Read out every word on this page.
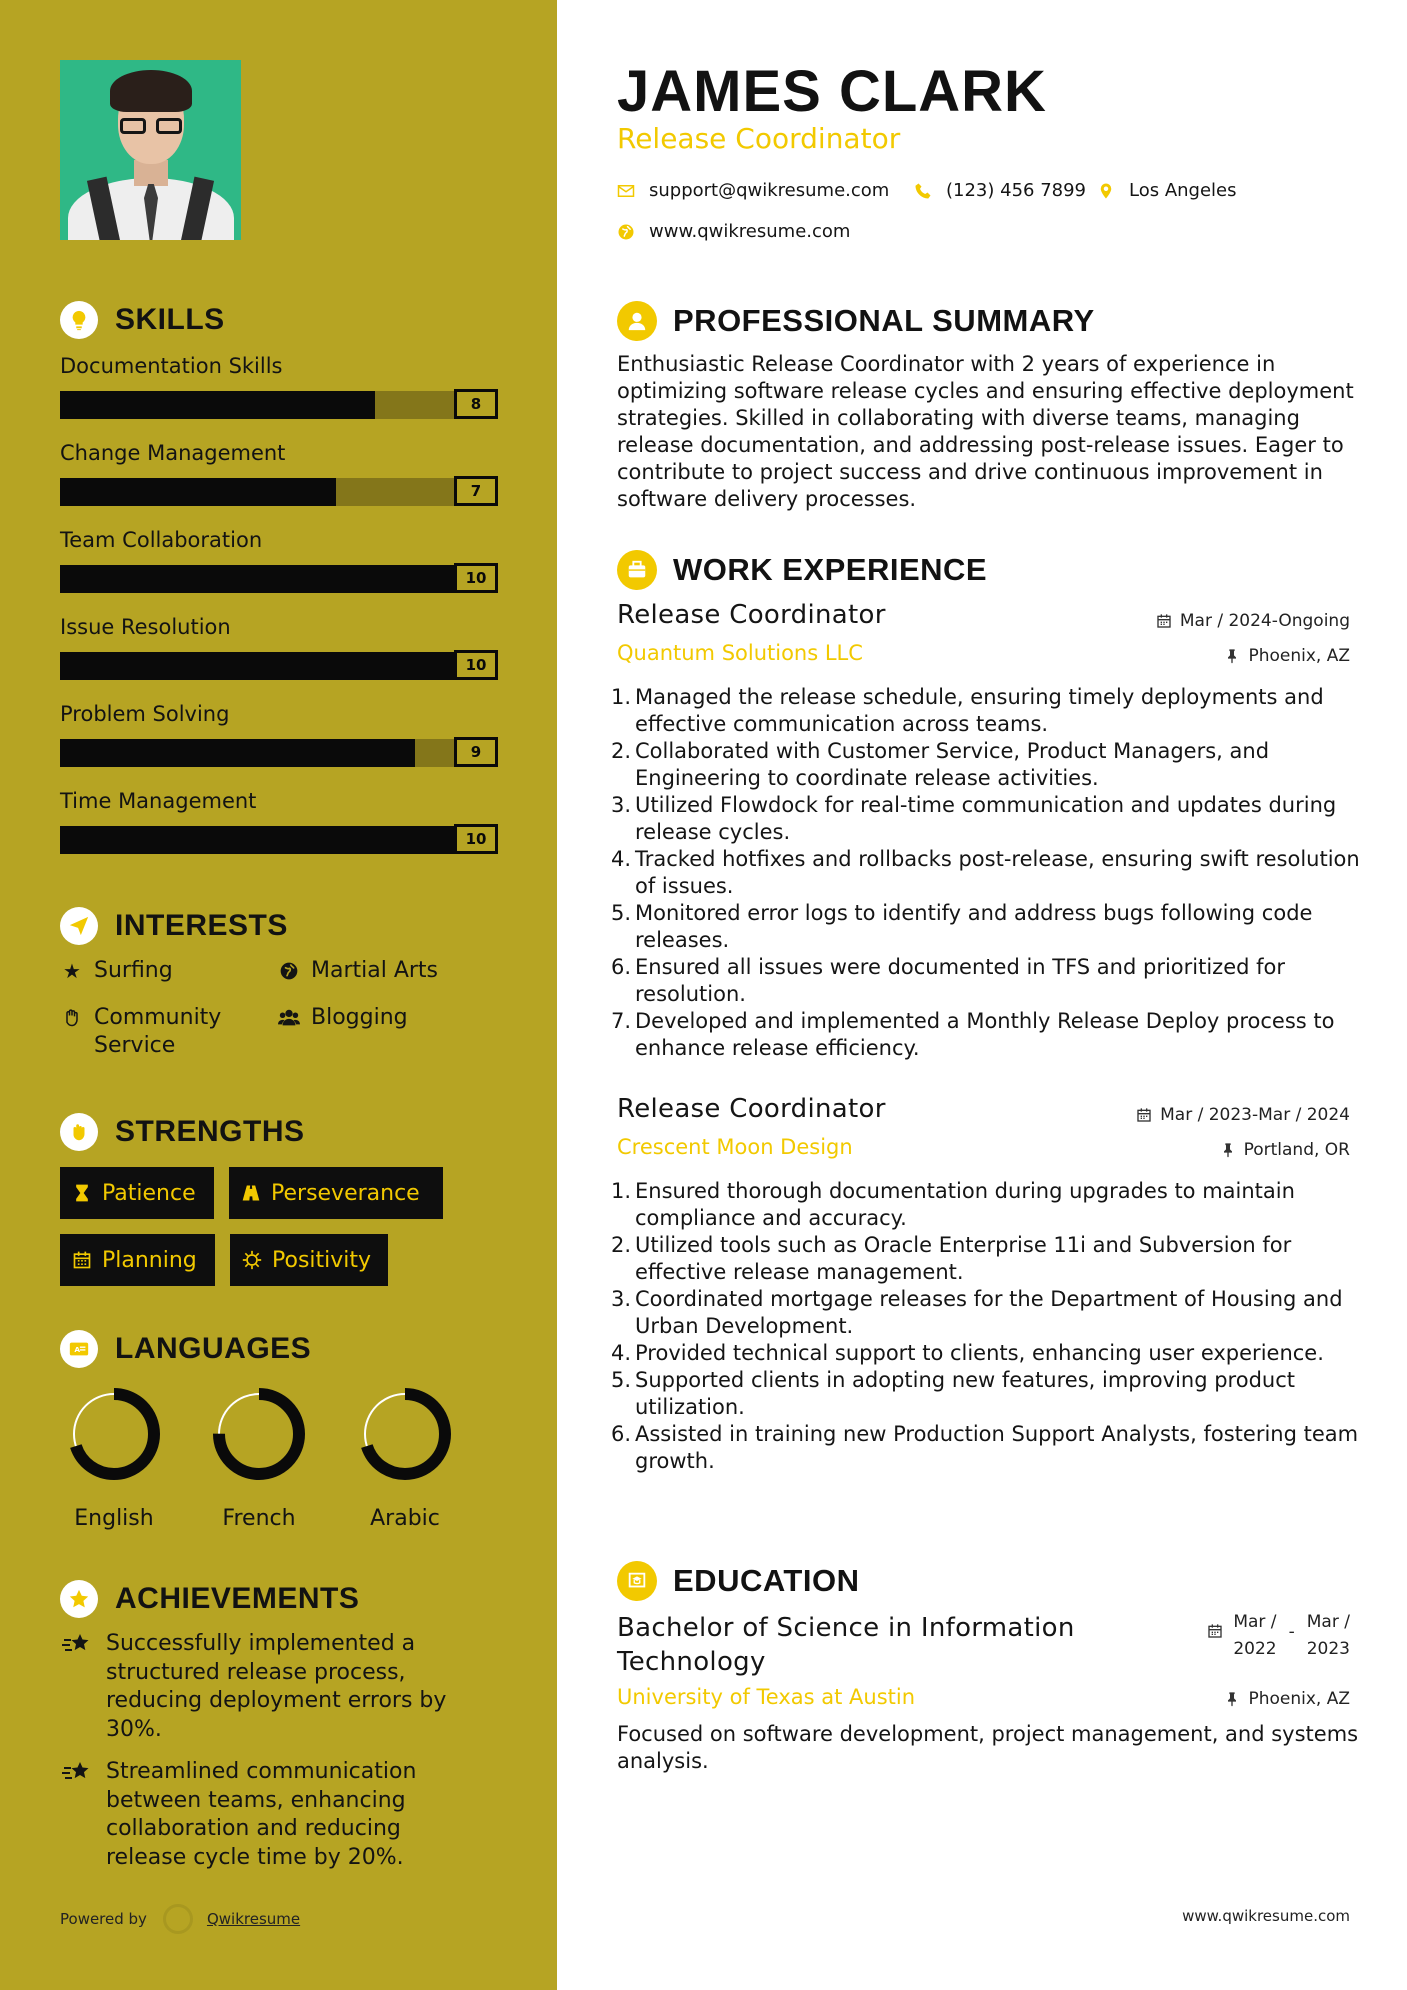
SKILLS
Documentation Skills
8
Change Management
7
Team Collaboration
10
Issue Resolution
10
Problem Solving
9
Time Management
10
INTERESTS
★ Surfing	Martial Arts
Community Service
Blogging
STRENGTHS
Patience	Perseverance
Planning	Positivity
A LANGUAGES
English	French	Arabic
ACHIEVEMENTS
Successfully implemented a structured release process, reducing deployment errors by 30%.
Streamlined communication between teams, enhancing collaboration and reducing release cycle time by 20%.
Powered by	Qwikresume
JAMES CLARK
Release Coordinator
support@qwikresume.com	(123) 456 7899 Los Angeles
www.qwikresume.com
PROFESSIONAL SUMMARY

Enthusiastic Release Coordinator with 2 years of experience in optimizing software release cycles and ensuring effective deployment strategies. Skilled in collaborating with diverse teams, managing release documentation, and addressing post-release issues. Eager to contribute to project success and drive continuous improvement in software delivery processes.

WORK EXPERIENCE
Release Coordinator	Mar / 2024-Ongoing
Quantum Solutions LLC	Phoenix, AZ
Managed the release schedule, ensuring timely deployments and effective communication across teams.
Collaborated with Customer Service, Product Managers, and Engineering to coordinate release activities.
Utilized Flowdock for real-time communication and updates during release cycles.
Tracked hotfixes and rollbacks post-release, ensuring swift resolution of issues.
Monitored error logs to identify and address bugs following code releases.
Ensured all issues were documented in TFS and prioritized for resolution.
Developed and implemented a Monthly Release Deploy process to enhance release efficiency.
Release Coordinator	Mar / 2023-Mar / 2024
Crescent Moon Design	Portland, OR
Ensured thorough documentation during upgrades to maintain compliance and accuracy.
Utilized tools such as Oracle Enterprise 11i and Subversion for effective release management.
Coordinated mortgage releases for the Department of Housing and Urban Development.
Provided technical support to clients, enhancing user experience.
Supported clients in adopting new features, improving product utilization.
Assisted in training new Production Support Analysts, fostering team growth.
EDUCATION
Bachelor of Science in Information Technology
Mar /
2022
- Mar /
2023
University of Texas at Austin	Phoenix, AZ

Focused on software development, project management, and systems analysis.

www.qwikresume.com
